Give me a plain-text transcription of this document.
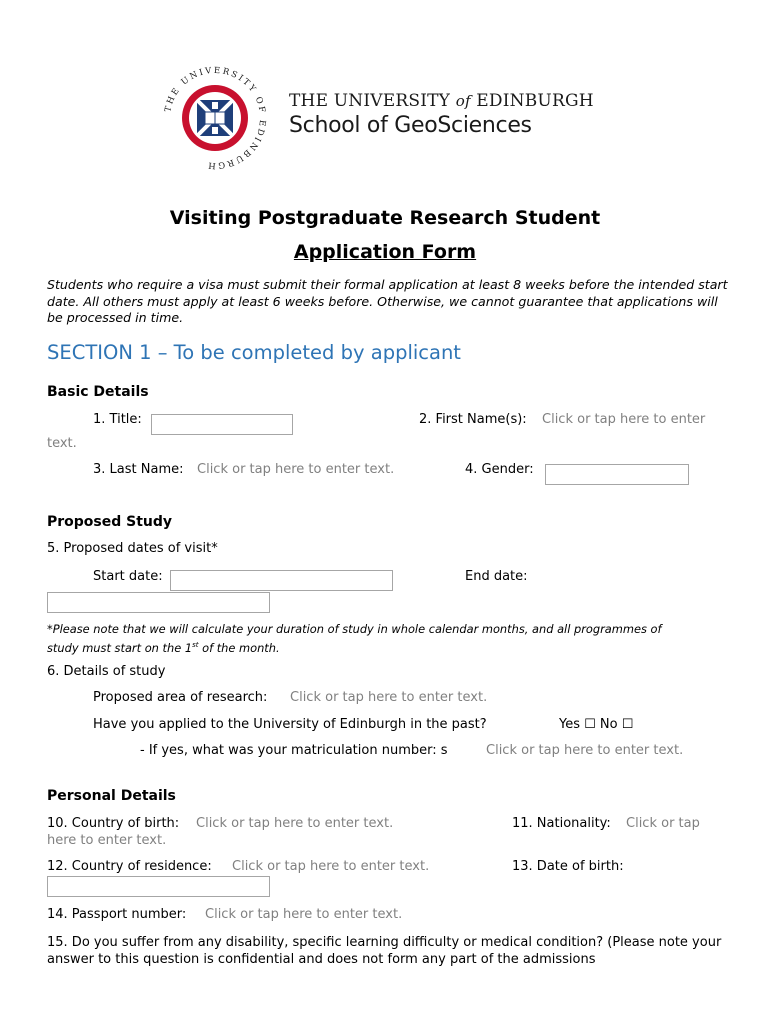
THE UNIVERSITY OF EDINBURGH
THE UNIVERSITY of EDINBURGH
School of GeoSciences
Visiting Postgraduate Research Student
Application Form
Students who require a visa must submit their formal application at least 8 weeks before the intended start date. All others must apply at least 6 weeks before. Otherwise, we cannot guarantee that applications will be processed in time.
SECTION 1 – To be completed by applicant
Basic Details
1. Title:	2. First Name(s): Click or tap here to enter
text.
3. Last Name: Click or tap here to enter text.	4. Gender:
Proposed Study
5. Proposed dates of visit*
Start date:	End date:
*Please note that we will calculate your duration of study in whole calendar months, and all programmes of study must start on the 1st of the month.
6. Details of study
Proposed area of research: Click or tap here to enter text.
Have you applied to the University of Edinburgh in the past?	Yes ☐ No ☐
- If yes, what was your matriculation number: s	Click or tap here to enter text.
Personal Details
10. Country of birth: Click or tap here to enter text.	11. Nationality: Click or tap
here to enter text.
12. Country of residence: Click or tap here to enter text.	13. Date of birth:
14. Passport number: Click or tap here to enter text.
15. Do you suffer from any disability, specific learning difficulty or medical condition? (Please note your answer to this question is confidential and does not form any part of the admissions
